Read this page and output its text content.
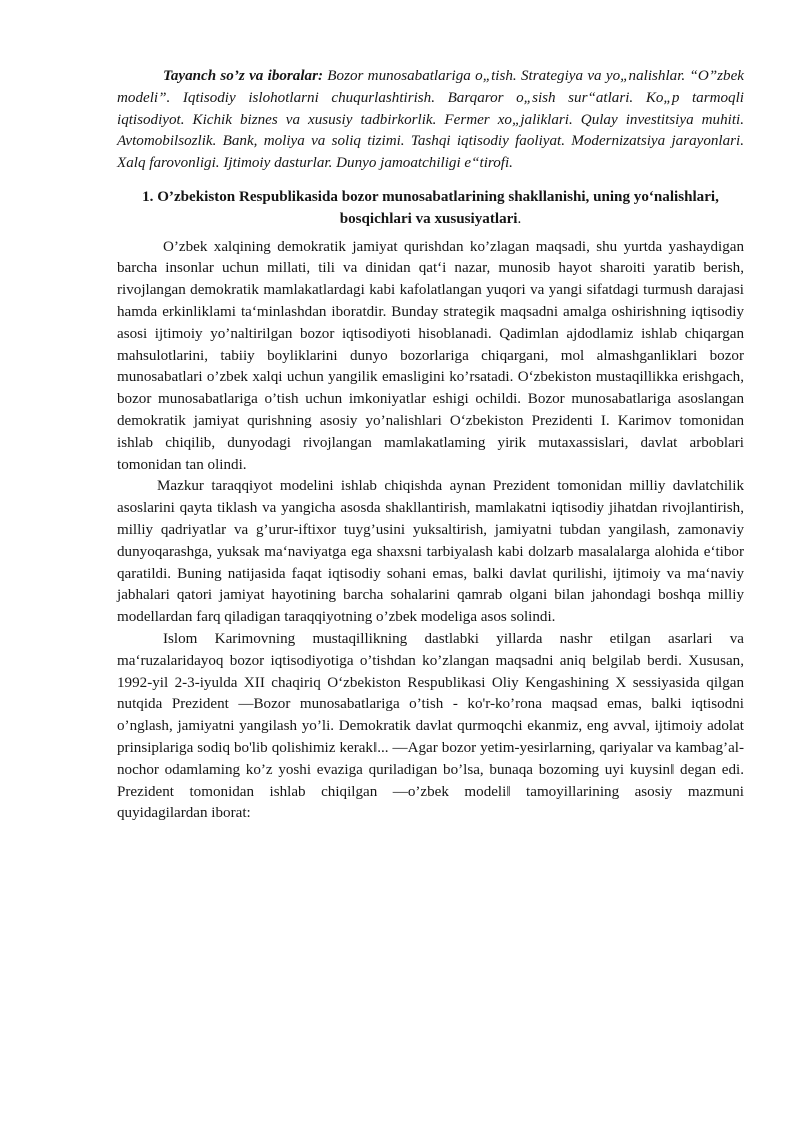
Tayanch so’z va iboralar: Bozor munosabatlariga o„tish. Strategiya va yo„nalishlar. “O”zbek modeli”. Iqtisodiy islohotlarni chuqurlashtirish. Barqaror o„sish sur“atlari. Ko„p tarmoqli iqtisodiyot. Kichik biznes va xususiy tadbirkorlik. Fermer xo„jaliklari. Qulay investitsiya muhiti. Avtomobilsozlik. Bank, moliya va soliq tizimi. Tashqi iqtisodiy faoliyat. Modernizatsiya jarayonlari. Xalq farovonligi. Ijtimoiy dasturlar. Dunyo jamoatchiligi e“tirofi.

1. O’zbekiston Respublikasida bozor munosabatlarining shakllanishi, uning yo‘nalishlari, bosqichlari va xususiyatlari.

O’zbek xalqining demokratik jamiyat qurishdan ko’zlagan maqsadi, shu yurtda yashaydigan barcha insonlar uchun millati, tili va dinidan qat‘i nazar, munosib hayot sharoiti yaratib berish, rivojlangan demokratik mamlakatlardagi kabi kafolatlangan yuqori va yangi sifatdagi turmush darajasi hamda erkinliklami ta‘minlashdan iboratdir. Bunday strategik maqsadni amalga oshirishning iqtisodiy asosi ijtimoiy yo’naltirilgan bozor iqtisodiyoti hisoblanadi. Qadimlan ajdodlamiz ishlab chiqargan mahsulotlarini, tabiiy boyliklarini dunyo bozorlariga chiqargani, mol almashganliklari bozor munosabatlari o’zbek xalqi uchun yangilik emasligini ko’rsatadi. O‘zbekiston mustaqillikka erishgach, bozor munosabatlariga o’tish uchun imkoniyatlar eshigi ochildi. Bozor munosabatlariga asoslangan demokratik jamiyat qurishning asosiy yo’nalishlari O‘zbekiston Prezidenti I. Karimov tomonidan ishlab chiqilib, dunyodagi rivojlangan mamlakatlaming yirik mutaxassislari, davlat arboblari tomonidan tan olindi.

Mazkur taraqqiyot modelini ishlab chiqishda aynan Prezident tomonidan milliy davlatchilik asoslarini qayta tiklash va yangicha asosda shakllantirish, mamlakatni iqtisodiy jihatdan rivojlantirish, milliy qadriyatlar va g’urur-iftixor tuyg’usini yuksaltirish, jamiyatni tubdan yangilash, zamonaviy dunyoqarashga, yuksak ma‘naviyatga ega shaxsni tarbiyalash kabi dolzarb masalalarga alohida e‘tibor qaratildi. Buning natijasida faqat iqtisodiy sohani emas, balki davlat qurilishi, ijtimoiy va ma‘naviy jabhalari qatori jamiyat hayotining barcha sohalarini qamrab olgani bilan jahondagi boshqa milliy modellardan farq qiladigan taraqqiyotning o’zbek modeliga asos solindi.

Islom Karimovning mustaqillikning dastlabki yillarda nashr etilgan asarlari va ma‘ruzalaridayoq bozor iqtisodiyotiga o’tishdan ko’zlangan maqsadni aniq belgilab berdi. Xususan, 1992-yil 2-3-iyulda XII chaqiriq O‘zbekiston Respublikasi Oliy Kengashining X sessiyasida qilgan nutqida Prezident ―Bozor munosabatlariga o’tish - ko'r-ko’rona maqsad emas, balki iqtisodni o’nglash, jamiyatni yangilash yo’li. Demokratik davlat qurmoqchi ekanmiz, eng avval, ijtimoiy adolat prinsiplariga sodiq bo'lib qolishimiz kerak‖... ―Agar bozor yetim-yesirlarning, qariyalar va kambag’al-nochor odamlaming ko’z yoshi evaziga quriladigan bo’lsa, bunaqa bozoming uyi kuysin‖ degan edi. Prezident tomonidan ishlab chiqilgan ―o’zbek modeli‖ tamoyillarining asosiy mazmuni quyidagilardan iborat:
